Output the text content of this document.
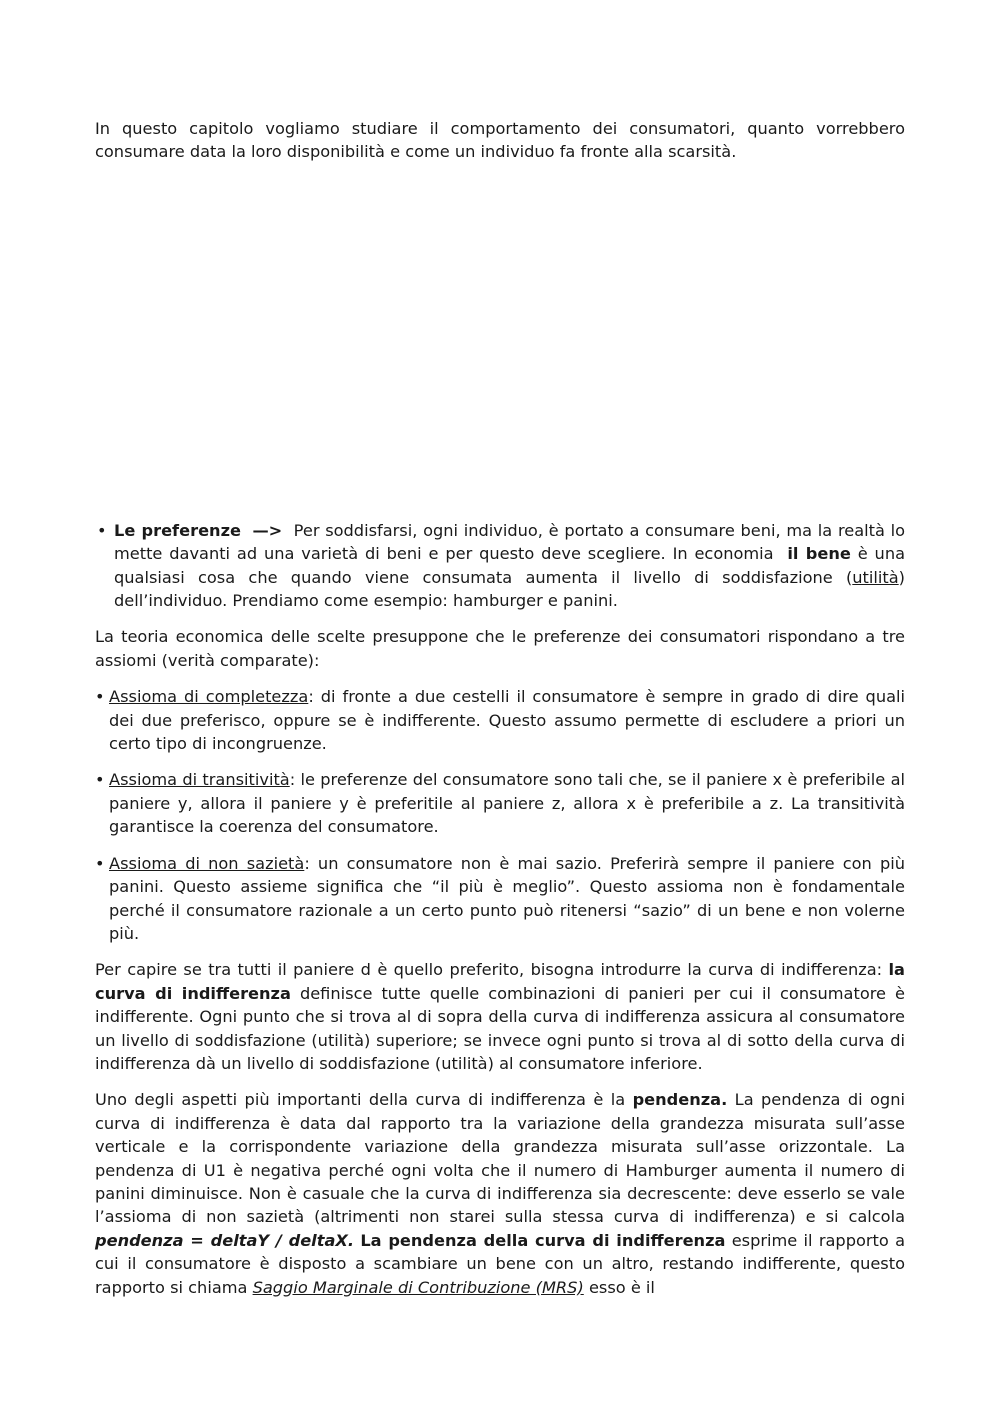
In questo capitolo vogliamo studiare il comportamento dei consumatori, quanto vorrebbero consumare data la loro disponibilità e come un individuo fa fronte alla scarsità.

• Le preferenze —> Per soddisfarsi, ogni individuo, è portato a consumare beni, ma la realtà lo mette davanti ad una varietà di beni e per questo deve scegliere. In economia il bene è una qualsiasi cosa che quando viene consumata aumenta il livello di soddisfazione (utilità) dell’individuo. Prendiamo come esempio: hamburger e panini.

La teoria economica delle scelte presuppone che le preferenze dei consumatori rispondano a tre assiomi (verità comparate):

• Assioma di completezza: di fronte a due cestelli il consumatore è sempre in grado di dire quali dei due preferisco, oppure se è indifferente. Questo assumo permette di escludere a priori un certo tipo di incongruenze.
• Assioma di transitività: le preferenze del consumatore sono tali che, se il paniere x è preferibile al paniere y, allora il paniere y è preferitile al paniere z, allora x è preferibile a z. La transitività garantisce la coerenza del consumatore.
• Assioma di non sazietà: un consumatore non è mai sazio. Preferirà sempre il paniere con più panini. Questo assieme significa che “il più è meglio”. Questo assioma non è fondamentale perché il consumatore razionale a un certo punto può ritenersi “sazio” di un bene e non volerne più.

Per capire se tra tutti il paniere d è quello preferito, bisogna introdurre la curva di indifferenza: la curva di indifferenza definisce tutte quelle combinazioni di panieri per cui il consumatore è indifferente. Ogni punto che si trova al di sopra della curva di indifferenza assicura al consumatore un livello di soddisfazione (utilità) superiore; se invece ogni punto si trova al di sotto della curva di indifferenza dà un livello di soddisfazione (utilità) al consumatore inferiore.

Uno degli aspetti più importanti della curva di indifferenza è la pendenza. La pendenza di ogni curva di indifferenza è data dal rapporto tra la variazione della grandezza misurata sull’asse verticale e la corrispondente variazione della grandezza misurata sull’asse orizzontale. La pendenza di U1 è negativa perché ogni volta che il numero di Hamburger aumenta il numero di panini diminuisce. Non è casuale che la curva di indifferenza sia decrescente: deve esserlo se vale l’assioma di non sazietà (altrimenti non starei sulla stessa curva di indifferenza) e si calcola pendenza = deltaY / deltaX. La pendenza della curva di indifferenza esprime il rapporto a cui il consumatore è disposto a scambiare un bene con un altro, restando indifferente, questo rapporto si chiama Saggio Marginale di Contribuzione (MRS) esso è il
